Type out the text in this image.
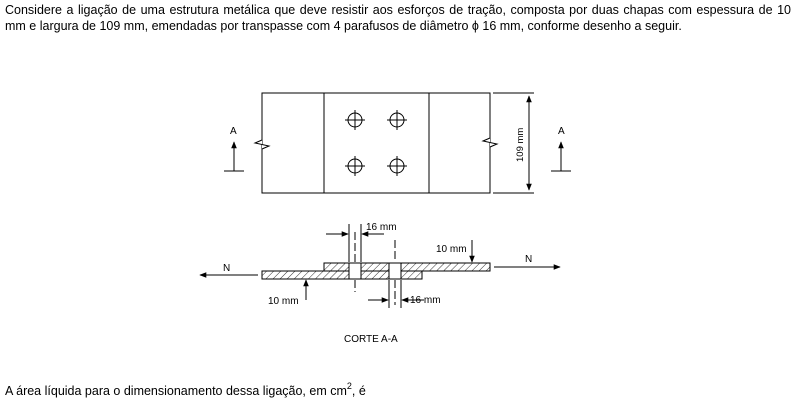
Considere a ligação de uma estrutura metálica que deve resistir aos esforços de tração, composta por duas chapas com espessura de 10 mm e largura de 109 mm, emendadas por transpasse com 4 parafusos de diâmetro ϕ 16 mm, conforme desenho a seguir.

A	A
109 mm
16 mm
16 mm
10 mm
10 mm
N
N
CORTE A-A

A área líquida para o dimensionamento dessa ligação, em $cm^2$, é
